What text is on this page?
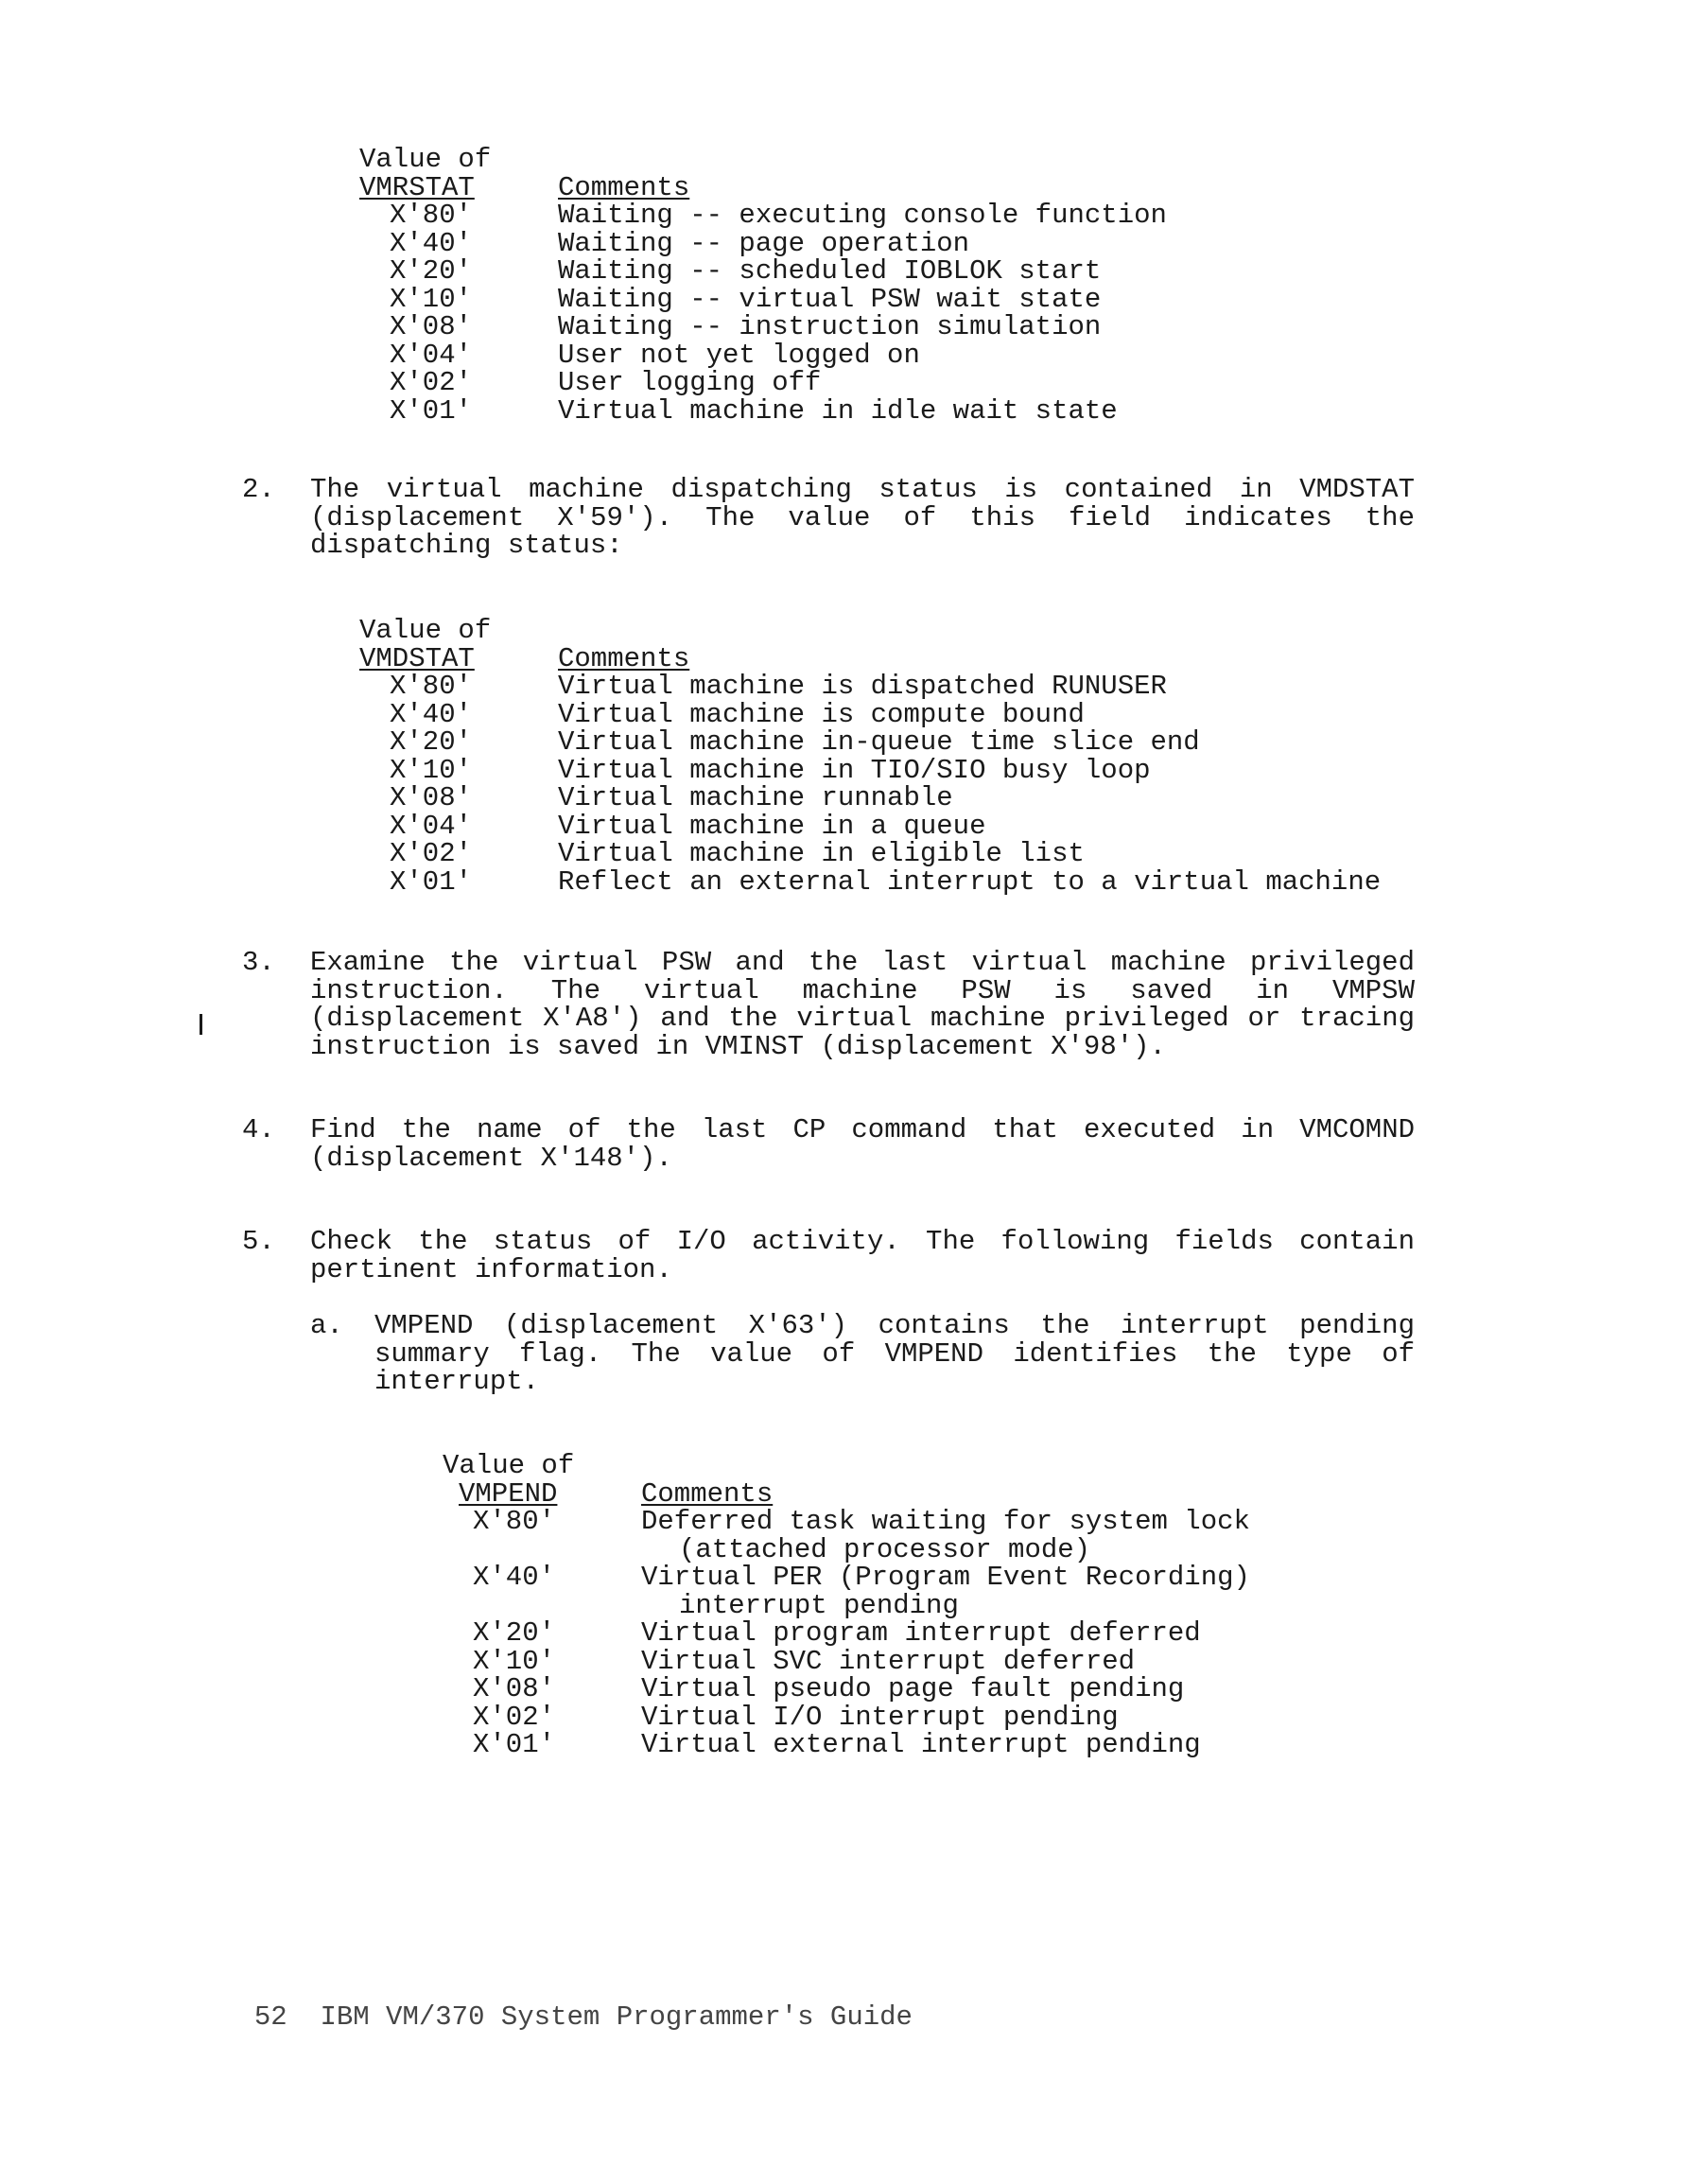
Value of
VMRSTAT	Comments
X'80'	Waiting -- executing console function
X'40'	Waiting -- page operation
X'20'	Waiting -- scheduled IOBLOK start
X'10'	Waiting -- virtual PSW wait state
X'08'	Waiting -- instruction simulation
X'04'	User not yet logged on
X'02'	User logging off
X'01'	Virtual machine in idle wait state
2. The virtual machine dispatching status is contained in VMDSTAT

(displacement X'59'). The value of this field indicates the

dispatching status:

Value of
VMDSTAT	Comments
X'80'	Virtual machine is dispatched RUNUSER
X'40'	Virtual machine is compute bound
X'20'	Virtual machine in-queue time slice end
X'10'	Virtual machine in TIO/SIO busy loop
X'08'	Virtual machine runnable
X'04'	Virtual machine in a queue
X'02'	Virtual machine in eligible list
X'01'	Reflect an external interrupt to a virtual machine
3. Examine the virtual PSW and the last virtual machine privileged

instruction. The virtual machine PSW is saved in VMPSW

(displacement X'A8') and the virtual machine privileged or tracing

instruction is saved in VMINST (displacement X'98').

4. Find the name of the last CP command that executed in VMCOMND

(displacement X'148').

5. Check the status of I/O activity. The following fields contain

pertinent information.

a. VMPEND (displacement X'63') contains the interrupt pending

summary flag. The value of VMPEND identifies the type of

interrupt.

Value of
VMPEND	Comments
X'80'	Deferred task waiting for system lock
(attached processor mode)
X'40'	Virtual PER (Program Event Recording)
interrupt pending
X'20'	Virtual program interrupt deferred
X'10'	Virtual SVC interrupt deferred
X'08'	Virtual pseudo page fault pending
X'02'	Virtual I/O interrupt pending
X'01'	Virtual external interrupt pending

52 IBM VM/370 System Programmer's Guide
